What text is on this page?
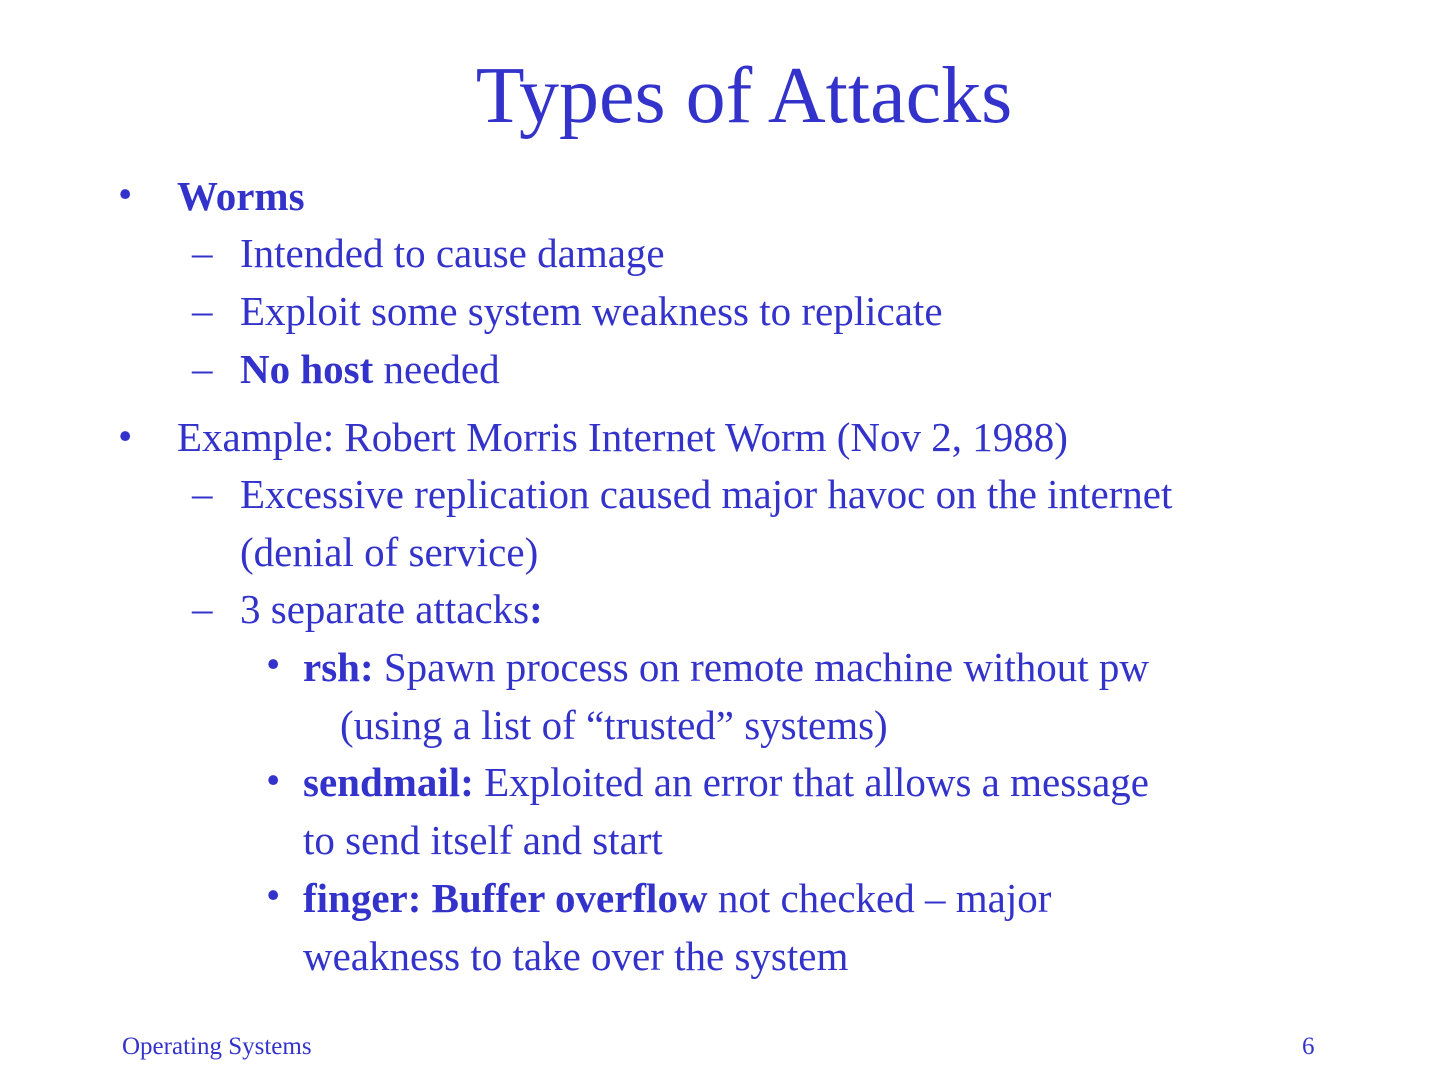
Types of Attacks
• Worms
– Intended to cause damage
– Exploit some system weakness to replicate
– No host needed
• Example: Robert Morris Internet Worm (Nov 2, 1988)
– Excessive replication caused major havoc on the internet
(denial of service)
– 3 separate attacks:
• rsh: Spawn process on remote machine without pw
(using a list of “trusted” systems)
• sendmail: Exploited an error that allows a message
to send itself and start
• finger: Buffer overflow not checked – major
weakness to take over the system
Operating Systems	6
